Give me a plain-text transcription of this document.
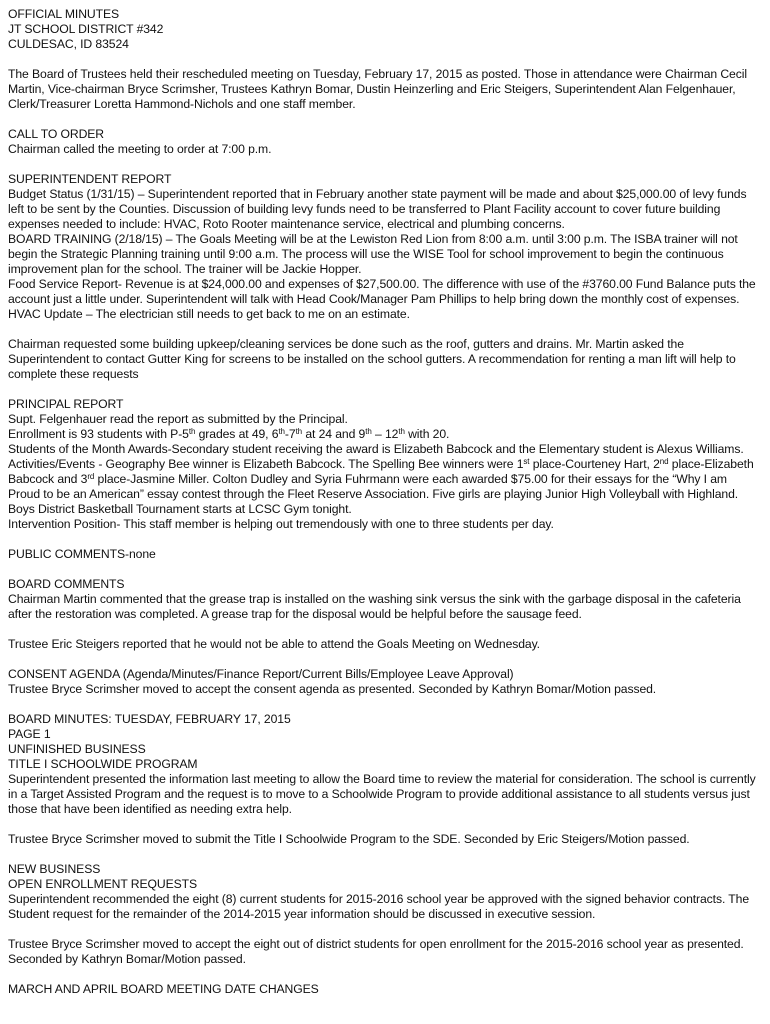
OFFICIAL MINUTES

JT SCHOOL DISTRICT #342

CULDESAC, ID 83524

The Board of Trustees held their rescheduled meeting on Tuesday, February 17, 2015 as posted. Those in attendance were Chairman Cecil Martin, Vice-chairman Bryce Scrimsher, Trustees Kathryn Bomar, Dustin Heinzerling and Eric Steigers, Superintendent Alan Felgenhauer, Clerk/Treasurer Loretta Hammond-Nichols and one staff member.

CALL TO ORDER

Chairman called the meeting to order at 7:00 p.m.

SUPERINTENDENT REPORT

Budget Status (1/31/15) – Superintendent reported that in February another state payment will be made and about $25,000.00 of levy funds left to be sent by the Counties. Discussion of building levy funds need to be transferred to Plant Facility account to cover future building expenses needed to include: HVAC, Roto Rooter maintenance service, electrical and plumbing concerns.

BOARD TRAINING (2/18/15) – The Goals Meeting will be at the Lewiston Red Lion from 8:00 a.m. until 3:00 p.m. The ISBA trainer will not begin the Strategic Planning training until 9:00 a.m. The process will use the WISE Tool for school improvement to begin the continuous improvement plan for the school. The trainer will be Jackie Hopper.

Food Service Report- Revenue is at $24,000.00 and expenses of $27,500.00. The difference with use of the #3760.00 Fund Balance puts the account just a little under. Superintendent will talk with Head Cook/Manager Pam Phillips to help bring down the monthly cost of expenses.

HVAC Update – The electrician still needs to get back to me on an estimate.

Chairman requested some building upkeep/cleaning services be done such as the roof, gutters and drains. Mr. Martin asked the Superintendent to contact Gutter King for screens to be installed on the school gutters. A recommendation for renting a man lift will help to complete these requests

PRINCIPAL REPORT

Supt. Felgenhauer read the report as submitted by the Principal.

Enrollment is 93 students with P-5th grades at 49, 6th-7th at 24 and 9th – 12th with 20.

Students of the Month Awards-Secondary student receiving the award is Elizabeth Babcock and the Elementary student is Alexus Williams.

Activities/Events - Geography Bee winner is Elizabeth Babcock. The Spelling Bee winners were 1st place-Courteney Hart, 2nd place-Elizabeth Babcock and 3rd place-Jasmine Miller. Colton Dudley and Syria Fuhrmann were each awarded $75.00 for their essays for the “Why I am Proud to be an American” essay contest through the Fleet Reserve Association. Five girls are playing Junior High Volleyball with Highland. Boys District Basketball Tournament starts at LCSC Gym tonight.

Intervention Position- This staff member is helping out tremendously with one to three students per day.

PUBLIC COMMENTS-none

BOARD COMMENTS

Chairman Martin commented that the grease trap is installed on the washing sink versus the sink with the garbage disposal in the cafeteria after the restoration was completed. A grease trap for the disposal would be helpful before the sausage feed.

Trustee Eric Steigers reported that he would not be able to attend the Goals Meeting on Wednesday.

CONSENT AGENDA (Agenda/Minutes/Finance Report/Current Bills/Employee Leave Approval)

Trustee Bryce Scrimsher moved to accept the consent agenda as presented. Seconded by Kathryn Bomar/Motion passed.

BOARD MINUTES: TUESDAY, FEBRUARY 17, 2015

PAGE 1

UNFINISHED BUSINESS

TITLE I SCHOOLWIDE PROGRAM

Superintendent presented the information last meeting to allow the Board time to review the material for consideration. The school is currently in a Target Assisted Program and the request is to move to a Schoolwide Program to provide additional assistance to all students versus just those that have been identified as needing extra help.

Trustee Bryce Scrimsher moved to submit the Title I Schoolwide Program to the SDE. Seconded by Eric Steigers/Motion passed.

NEW BUSINESS

OPEN ENROLLMENT REQUESTS

Superintendent recommended the eight (8) current students for 2015-2016 school year be approved with the signed behavior contracts. The Student request for the remainder of the 2014-2015 year information should be discussed in executive session.

Trustee Bryce Scrimsher moved to accept the eight out of district students for open enrollment for the 2015-2016 school year as presented. Seconded by Kathryn Bomar/Motion passed.

MARCH AND APRIL BOARD MEETING DATE CHANGES
